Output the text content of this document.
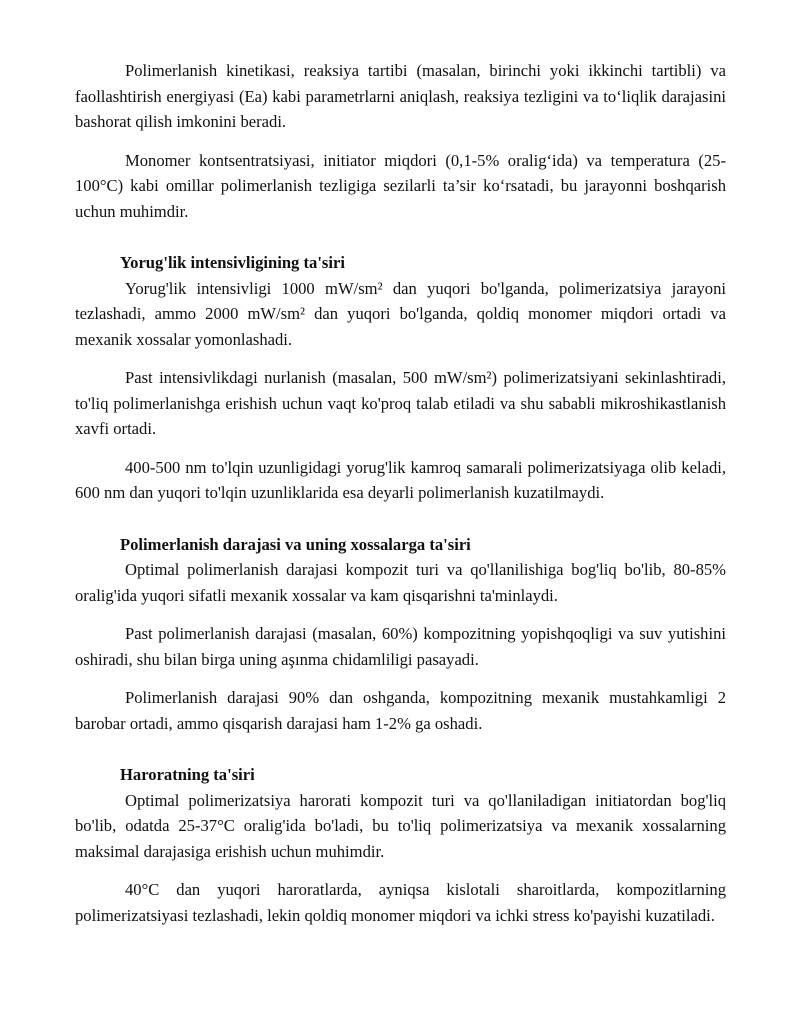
Polimerlanish kinetikasi, reaksiya tartibi (masalan, birinchi yoki ikkinchi tartibli) va faollashtirish energiyasi (Ea) kabi parametrlarni aniqlash, reaksiya tezligini va to‘liqlik darajasini bashorat qilish imkonini beradi.

Monomer kontsentratsiyasi, initiator miqdori (0,1-5% oralig‘ida) va temperatura (25-100°C) kabi omillar polimerlanish tezligiga sezilarli ta’sir ko‘rsatadi, bu jarayonni boshqarish uchun muhimdir.

Yorug'lik intensivligining ta'siri

Yorug'lik intensivligi 1000 mW/sm² dan yuqori bo'lganda, polimerizatsiya jarayoni tezlashadi, ammo 2000 mW/sm² dan yuqori bo'lganda, qoldiq monomer miqdori ortadi va mexanik xossalar yomonlashadi.

Past intensivlikdagi nurlanish (masalan, 500 mW/sm²) polimerizatsiyani sekinlashtiradi, to'liq polimerlanishga erishish uchun vaqt ko'proq talab etiladi va shu sababli mikroshikastlanish xavfi ortadi.

400-500 nm to'lqin uzunligidagi yorug'lik kamroq samarali polimerizatsiyaga olib keladi, 600 nm dan yuqori to'lqin uzunliklarida esa deyarli polimerlanish kuzatilmaydi.

Polimerlanish darajasi va uning xossalarga ta'siri

Optimal polimerlanish darajasi kompozit turi va qo'llanilishiga bog'liq bo'lib, 80-85% oralig'ida yuqori sifatli mexanik xossalar va kam qisqarishni ta'minlaydi.

Past polimerlanish darajasi (masalan, 60%) kompozitning yopishqoqligi va suv yutishini oshiradi, shu bilan birga uning aşınma chidamliligi pasayadi.

Polimerlanish darajasi 90% dan oshganda, kompozitning mexanik mustahkamligi 2 barobar ortadi, ammo qisqarish darajasi ham 1-2% ga oshadi.

Haroratning ta'siri

Optimal polimerizatsiya harorati kompozit turi va qo'llaniladigan initiatordan bog'liq bo'lib, odatda 25-37°C oralig'ida bo'ladi, bu to'liq polimerizatsiya va mexanik xossalarning maksimal darajasiga erishish uchun muhimdir.

40°C dan yuqori haroratlarda, ayniqsa kislotali sharoitlarda, kompozitlarning polimerizatsiyasi tezlashadi, lekin qoldiq monomer miqdori va ichki stress ko'payishi kuzatiladi.
